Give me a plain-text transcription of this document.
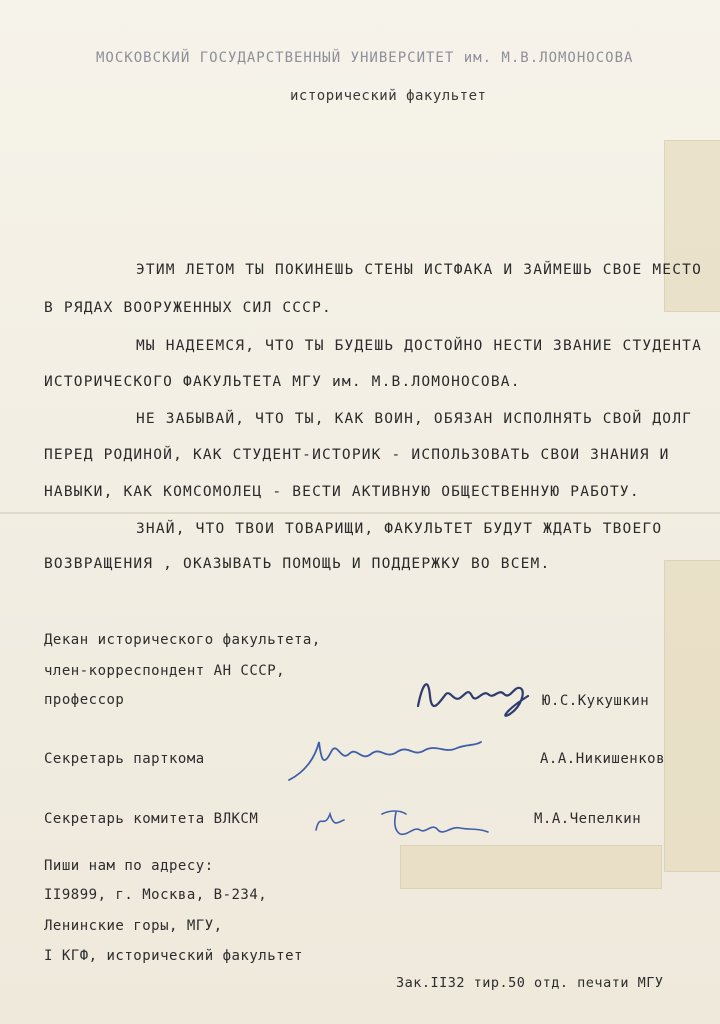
МОСКОВСКИЙ ГОСУДАРСТВЕННЫЙ УНИВЕРСИТЕТ им. М.В.ЛОМОНОСОВА
исторический факультет
ЭТИМ ЛЕТОМ ТЫ ПОКИНЕШЬ СТЕНЫ ИСТФАКА И ЗАЙМЕШЬ СВОЕ МЕСТО
В РЯДАХ ВООРУЖЕННЫХ СИЛ СССР.
МЫ НАДЕЕМСЯ, ЧТО ТЫ БУДЕШЬ ДОСТОЙНО НЕСТИ ЗВАНИЕ СТУДЕНТА
ИСТОРИЧЕСКОГО ФАКУЛЬТЕТА МГУ им. М.В.ЛОМОНОСОВА.
НЕ ЗАБЫВАЙ, ЧТО ТЫ, КАК ВОИН, ОБЯЗАН ИСПОЛНЯТЬ СВОЙ ДОЛГ
ПЕРЕД РОДИНОЙ, КАК СТУДЕНТ-ИСТОРИК - ИСПОЛЬЗОВАТЬ СВОИ ЗНАНИЯ И
НАВЫКИ, КАК КОМСОМОЛЕЦ - ВЕСТИ АКТИВНУЮ ОБЩЕСТВЕННУЮ РАБОТУ.
ЗНАЙ, ЧТО ТВОИ ТОВАРИЩИ, ФАКУЛЬТЕТ БУДУТ ЖДАТЬ ТВОЕГО
ВОЗВРАЩЕНИЯ , ОКАЗЫВАТЬ ПОМОЩЬ И ПОДДЕРЖКУ ВО ВСЕМ.
Декан исторического факультета,
член-корреспондент АН СССР,
профессор	Ю.С.Кукушкин
Секретарь парткома	А.А.Никишенков
Секретарь комитета ВЛКСМ	М.А.Чепелкин
Пиши нам по адресу:
II9899, г. Москва, В-234,
Ленинские горы, МГУ,
I КГФ, исторический факультет
Зак.II32 тир.50 отд. печати МГУ
